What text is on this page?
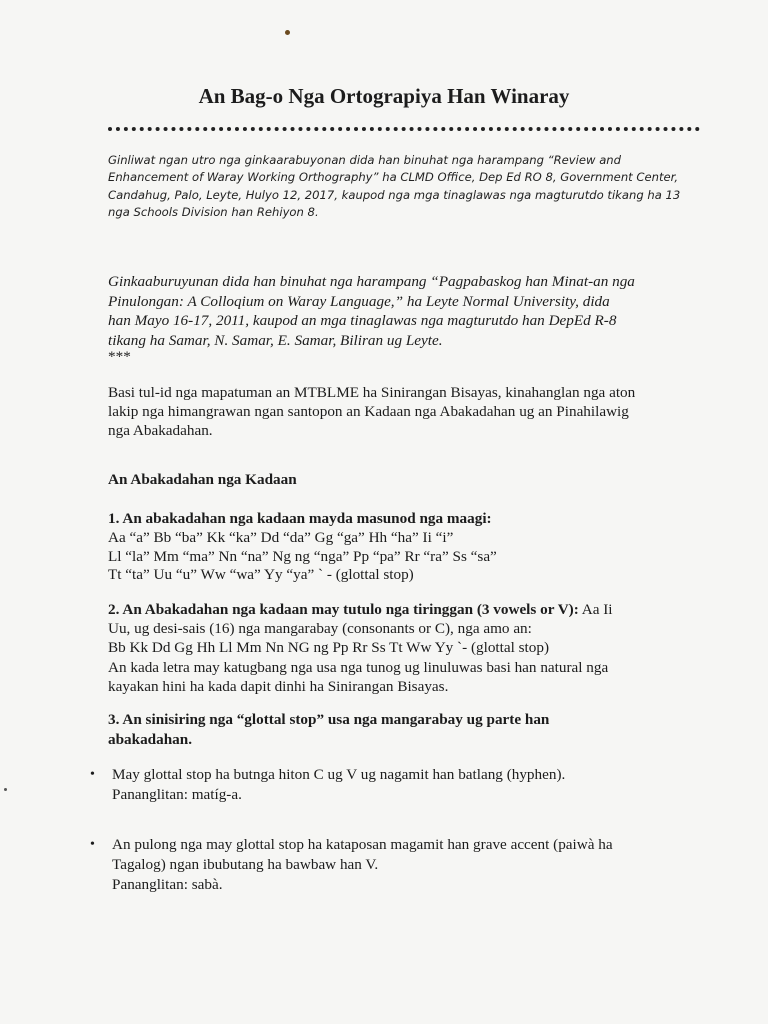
An Bag-o Nga Ortograpiya Han Winaray
Ginliwat ngan utro nga ginkaarabuyonan dida han binuhat nga harampang “Review and
Enhancement of Waray Working Orthography” ha CLMD Office, Dep Ed RO 8, Government Center,
Candahug, Palo, Leyte, Hulyo 12, 2017, kaupod nga mga tinaglawas nga magturutdo tikang ha 13
nga Schools Division han Rehiyon 8.
Ginkaaburuyunan dida han binuhat nga harampang “Pagpabaskog han Minat-an nga
Pinulongan: A Colloqium on Waray Language,” ha Leyte Normal University, dida
han Mayo 16-17, 2011, kaupod an mga tinaglawas nga magturutdo han DepEd R-8
tikang ha Samar, N. Samar, E. Samar, Biliran ug Leyte.
***
Basi tul-id nga mapatuman an MTBLME ha Sinirangan Bisayas, kinahanglan nga aton
lakip nga himangrawan ngan santopon an Kadaan nga Abakadahan ug an Pinahilawig
nga Abakadahan.
An Abakadahan nga Kadaan
1. An abakadahan nga kadaan mayda masunod nga maagi:
Aa “a” Bb “ba” Kk “ka” Dd “da” Gg “ga” Hh “ha” Ii “i”
Ll “la” Mm “ma” Nn “na” Ng ng “nga” Pp “pa” Rr “ra” Ss “sa”
Tt “ta” Uu “u” Ww “wa” Yy “ya” ` - (glottal stop)
2. An Abakadahan nga kadaan may tutulo nga tiringgan (3 vowels or V): Aa Ii
Uu, ug desi-sais (16) nga mangarabay (consonants or C), nga amo an:
Bb Kk Dd Gg Hh Ll Mm Nn NG ng Pp Rr Ss Tt Ww Yy `- (glottal stop)
An kada letra may katugbang nga usa nga tunog ug linuluwas basi han natural nga
kayakan hini ha kada dapit dinhi ha Sinirangan Bisayas.
3. An sinisiring nga “glottal stop” usa nga mangarabay ug parte han
abakadahan.
• May glottal stop ha butnga hiton C ug V ug nagamit han batlang (hyphen).
Pananglitan: matíg-a.
• An pulong nga may glottal stop ha kataposan magamit han grave accent (paiwà ha
Tagalog) ngan ibubutang ha bawbaw han V.
Pananglitan: sabà.
